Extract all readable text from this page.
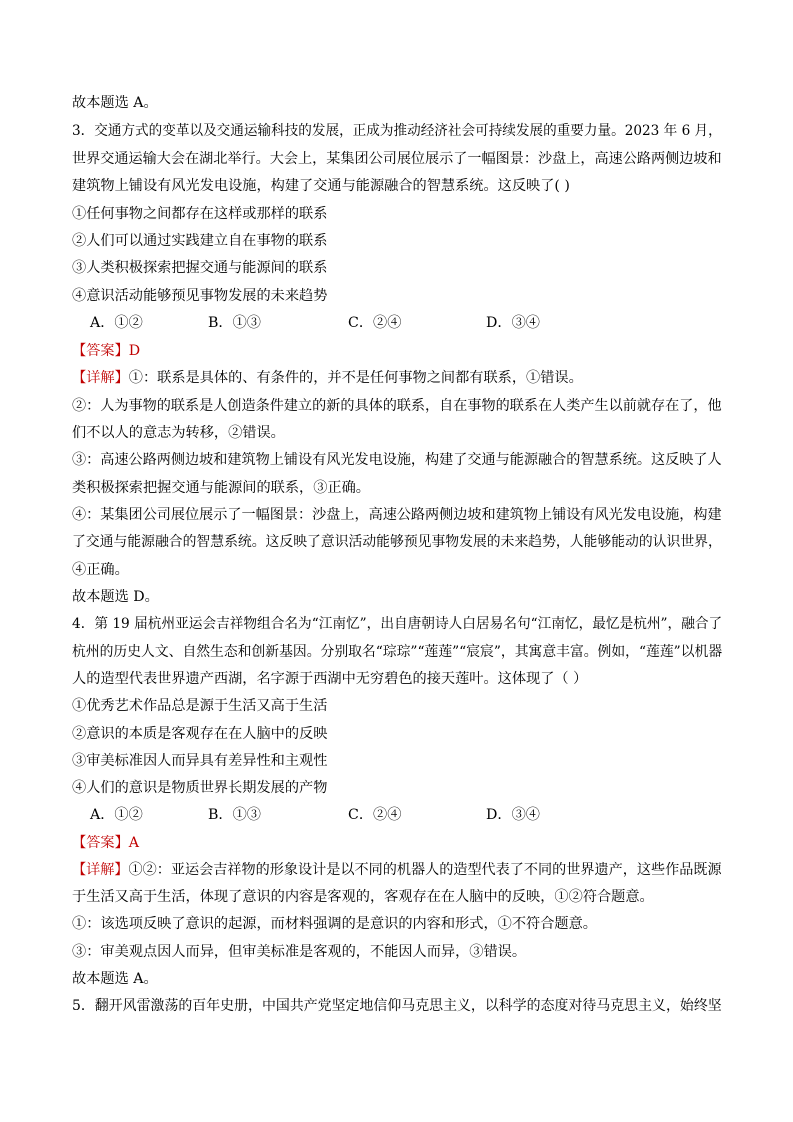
故本题选 A。
3．交通方式的变革以及交通运输科技的发展，正成为推动经济社会可持续发展的重要力量。2023 年 6 月，
世界交通运输大会在湖北举行。大会上，某集团公司展位展示了一幅图景：沙盘上，高速公路两侧边坡和
建筑物上铺设有风光发电设施，构建了交通与能源融合的智慧系统。这反映了( )
①任何事物之间都存在这样或那样的联系
②人们可以通过实践建立自在事物的联系
③人类积极探索把握交通与能源间的联系
④意识活动能够预见事物发展的未来趋势
A．①②	B．①③	C．②④	D．③④
【答案】D
【详解】①：联系是具体的、有条件的，并不是任何事物之间都有联系，①错误。
②：人为事物的联系是人创造条件建立的新的具体的联系，自在事物的联系在人类产生以前就存在了，他
们不以人的意志为转移，②错误。
③：高速公路两侧边坡和建筑物上铺设有风光发电设施，构建了交通与能源融合的智慧系统。这反映了人
类积极探索把握交通与能源间的联系，③正确。
④：某集团公司展位展示了一幅图景：沙盘上，高速公路两侧边坡和建筑物上铺设有风光发电设施，构建
了交通与能源融合的智慧系统。这反映了意识活动能够预见事物发展的未来趋势，人能够能动的认识世界，
④正确。
故本题选 D。
4．第 19 届杭州亚运会吉祥物组合名为“江南忆”，出自唐朝诗人白居易名句“江南忆，最忆是杭州”，融合了
杭州的历史人文、自然生态和创新基因。分别取名“琮琮”“莲莲”“宸宸”，其寓意丰富。例如，“莲莲”以机器
人的造型代表世界遗产西湖，名字源于西湖中无穷碧色的接天莲叶。这体现了（ ）
①优秀艺术作品总是源于生活又高于生活
②意识的本质是客观存在在人脑中的反映
③审美标准因人而异具有差异性和主观性
④人们的意识是物质世界长期发展的产物
A．①②	B．①③	C．②④	D．③④
【答案】A
【详解】①②：亚运会吉祥物的形象设计是以不同的机器人的造型代表了不同的世界遗产，这些作品既源
于生活又高于生活，体现了意识的内容是客观的，客观存在在人脑中的反映，①②符合题意。
①：该选项反映了意识的起源，而材料强调的是意识的内容和形式，①不符合题意。
③：审美观点因人而异，但审美标准是客观的，不能因人而异，③错误。
故本题选 A。
5．翻开风雷激荡的百年史册，中国共产党坚定地信仰马克思主义，以科学的态度对待马克思主义，始终坚
